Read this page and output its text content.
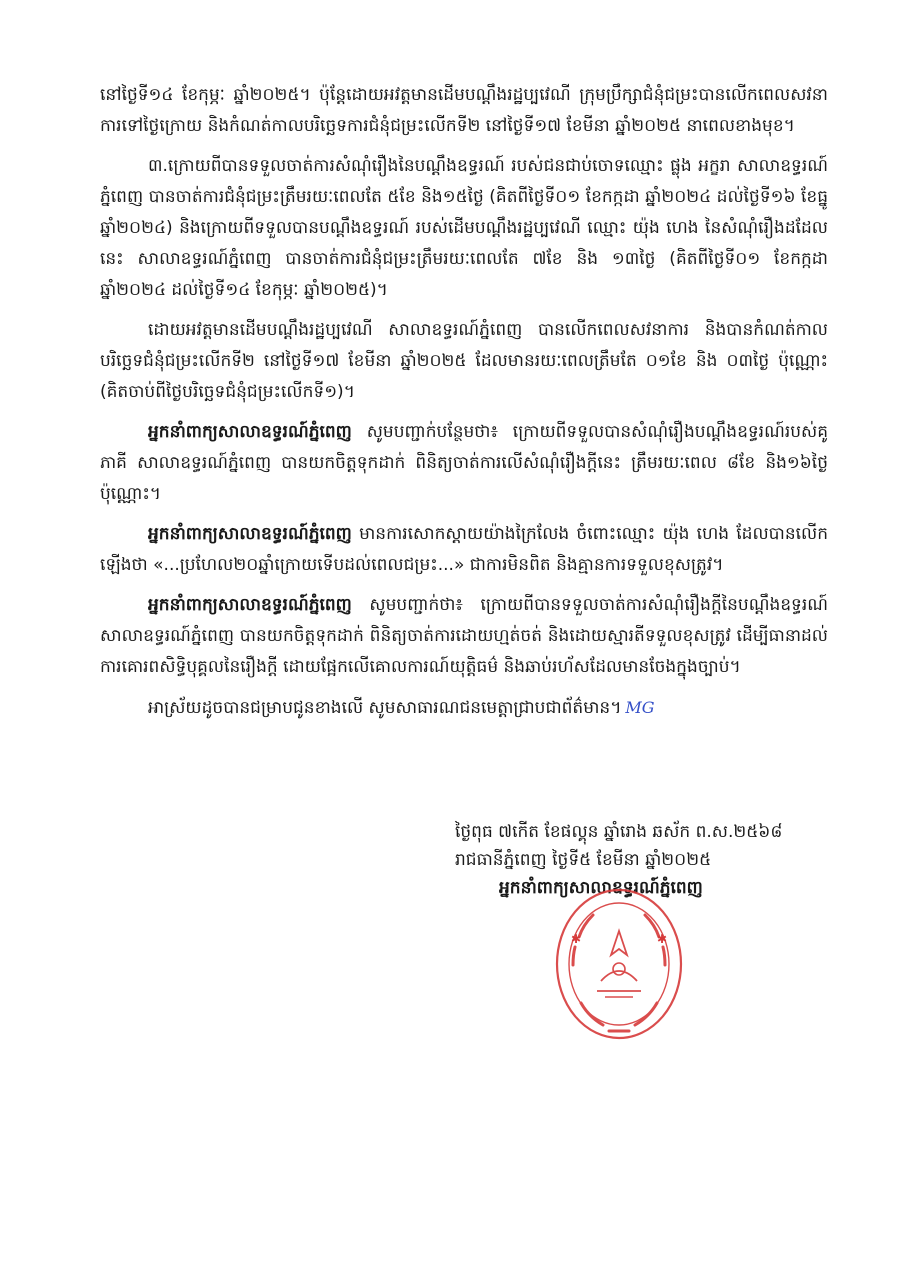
នៅថ្ងៃទី១៤ ខែកុម្ភៈ ឆ្នាំ២០២៥។ ប៉ុន្តែដោយអវត្តមានដើមបណ្តឹងរដ្ឋប្បវេណី ក្រុមប្រឹក្សាជំនុំជម្រះបានលើកពេលសវនាការទៅថ្ងៃក្រោយ និងកំណត់កាលបរិច្ឆេទការជំនុំជម្រះលើកទី២ នៅថ្ងៃទី១៧ ខែមីនា ឆ្នាំ២០២៥ នាពេលខាងមុខ។

៣.ក្រោយពីបានទទួលចាត់ការសំណុំរឿងនៃបណ្តឹងឧទ្ធរណ៍ របស់ជនជាប់ចោទឈ្មោះ ផ្លុង អក្ខរា សាលាឧទ្ធរណ៍ភ្នំពេញ បានចាត់ការជំនុំជម្រះត្រឹមរយៈពេលតែ ៥ខែ និង១៥ថ្ងៃ (គិតពីថ្ងៃទី០១ ខែកក្កដា ឆ្នាំ២០២៤ ដល់ថ្ងៃទី១៦ ខែធ្នូ ឆ្នាំ២០២៤) និងក្រោយពីទទួលបានបណ្តឹងឧទ្ធរណ៍ របស់ដើមបណ្តឹងរដ្ឋប្បវេណី ឈ្មោះ យ៉ុង ហេង នៃសំណុំរឿងដដែលនេះ សាលាឧទ្ធរណ៍ភ្នំពេញ បានចាត់ការជំនុំជម្រះត្រឹមរយៈពេលតែ ៧ខែ និង ១៣ថ្ងៃ (គិតពីថ្ងៃទី០១ ខែកក្កដា ឆ្នាំ២០២៤ ដល់ថ្ងៃទី១៤ ខែកុម្ភៈ ឆ្នាំ២០២៥)។

ដោយអវត្តមានដើមបណ្តឹងរដ្ឋប្បវេណី សាលាឧទ្ធរណ៍ភ្នំពេញ បានលើកពេលសវនាការ និងបានកំណត់កាលបរិច្ឆេទជំនុំជម្រះលើកទី២ នៅថ្ងៃទី១៧ ខែមីនា ឆ្នាំ២០២៥ ដែលមានរយៈពេលត្រឹមតែ ០១ខែ និង ០៣ថ្ងៃ ប៉ុណ្ណោះ (គិតចាប់ពីថ្ងៃបរិច្ឆេទជំនុំជម្រះលើកទី១)។

អ្នកនាំពាក្យសាលាឧទ្ធរណ៍ភ្នំពេញ សូមបញ្ជាក់បន្ថែមថា៖ ក្រោយពីទទួលបានសំណុំរឿងបណ្តឹងឧទ្ធរណ៍របស់គូភាគី សាលាឧទ្ធរណ៍ភ្នំពេញ បានយកចិត្តទុកដាក់ ពិនិត្យចាត់ការលើសំណុំរឿងក្តីនេះ ត្រឹមរយៈពេល ៨ខែ និង១៦ថ្ងៃ ប៉ុណ្ណោះ។

អ្នកនាំពាក្យសាលាឧទ្ធរណ៍ភ្នំពេញ មានការសោកស្តាយយ៉ាងក្រៃលែង ចំពោះឈ្មោះ យ៉ុង ហេង ដែលបានលើកឡើងថា «...ប្រហែល២០ឆ្នាំក្រោយទើបដល់ពេលជម្រះ...» ជាការមិនពិត និងគ្មានការទទួលខុសត្រូវ។

អ្នកនាំពាក្យសាលាឧទ្ធរណ៍ភ្នំពេញ សូមបញ្ជាក់ថា៖ ក្រោយពីបានទទួលចាត់ការសំណុំរឿងក្តីនៃបណ្តឹងឧទ្ធរណ៍ សាលាឧទ្ធរណ៍ភ្នំពេញ បានយកចិត្តទុកដាក់ ពិនិត្យចាត់ការដោយហ្មត់ចត់ និងដោយស្មារតីទទួលខុសត្រូវ ដើម្បីធានាដល់ការគោរពសិទ្ធិបុគ្គលនៃរឿងក្តី ដោយផ្អែកលើគោលការណ៍យុត្តិធម៌ និងឆាប់រហ័សដែលមានចែងក្នុងច្បាប់។

អាស្រ័យដូចបានជម្រាបជូនខាងលើ សូមសាធារណជនមេត្តាជ្រាបជាព័ត៌មាន។ MG

ថ្ងៃពុធ ៧កើត ខែផល្គុន ឆ្នាំរោង ឆស័ក ព.ស.២៥៦៨
រាជធានីភ្នំពេញ ថ្ងៃទី៥ ខែមីនា ឆ្នាំ២០២៥
អ្នកនាំពាក្យសាលាឧទ្ធរណ៍ភ្នំពេញ
✱	✱
